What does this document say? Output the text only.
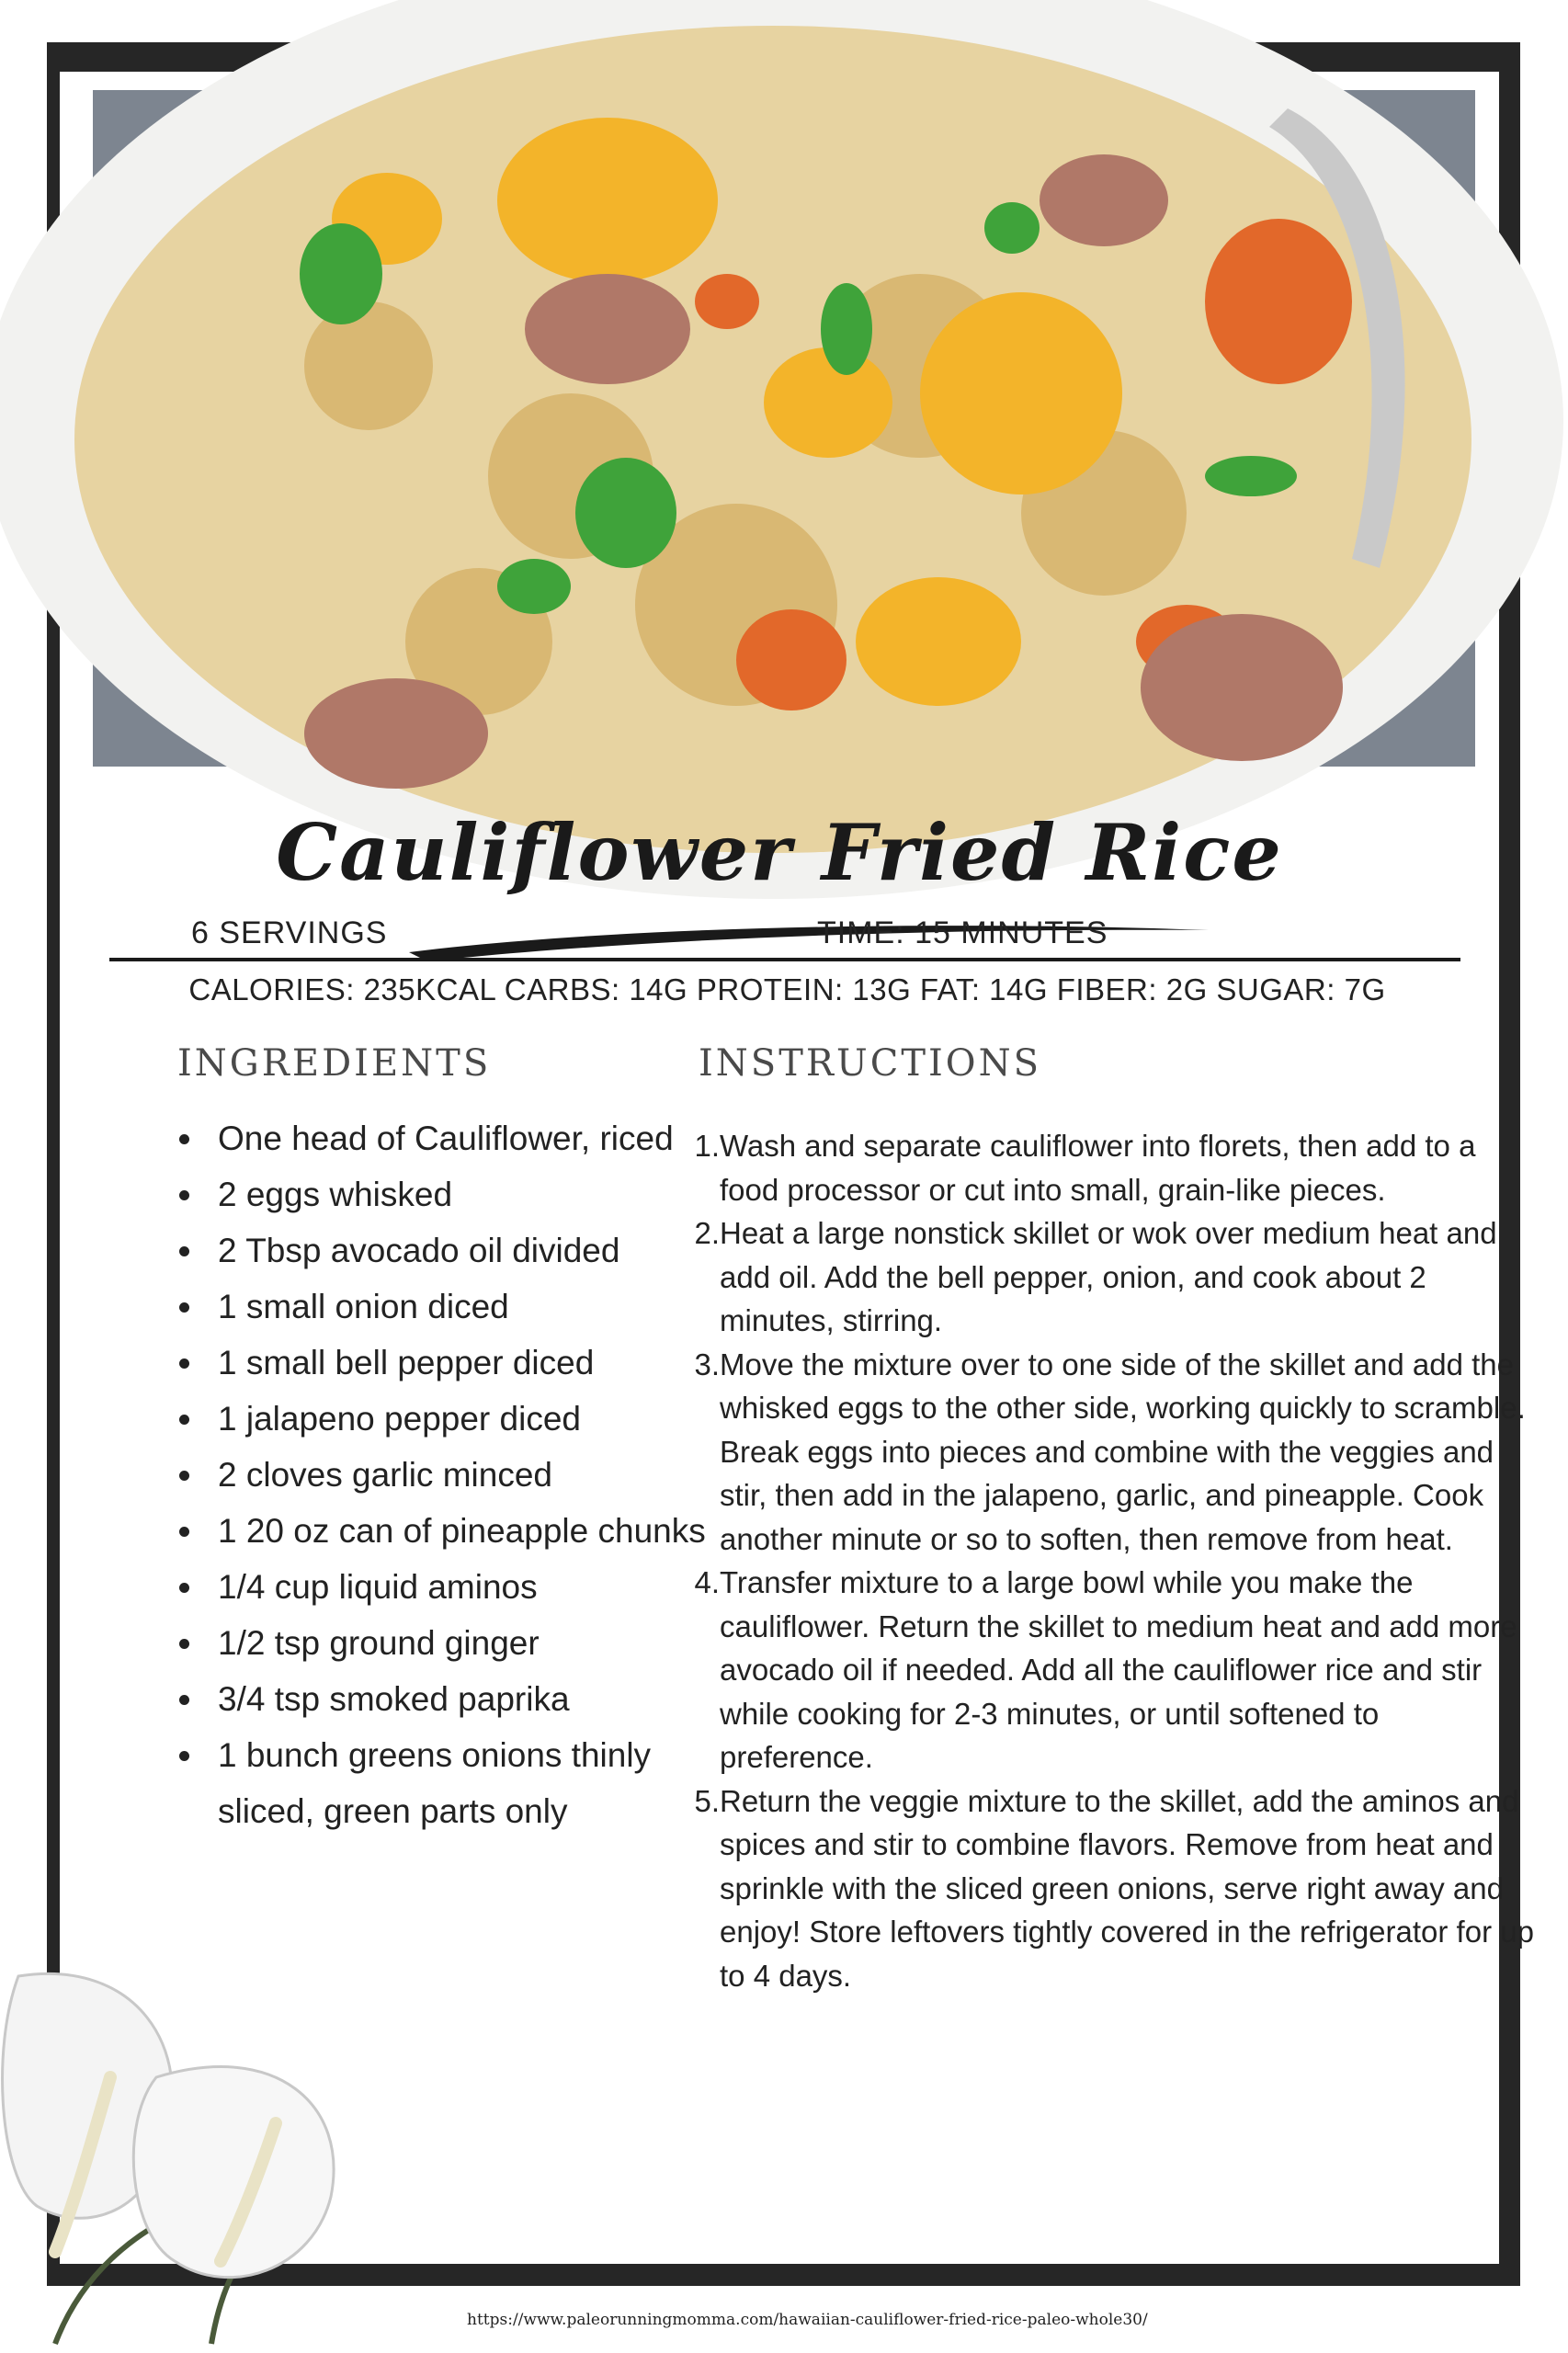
Cauliflower Fried Rice
6 SERVINGS	TIME: 15 MINUTES
CALORIES: 235KCAL CARBS: 14G PROTEIN: 13G FAT: 14G FIBER: 2G SUGAR: 7G
INGREDIENTS	INSTRUCTIONS
One head of Cauliflower, riced
2 eggs whisked
2 Tbsp avocado oil divided
1 small onion diced
1 small bell pepper diced
1 jalapeno pepper diced
2 cloves garlic minced
1 20 oz can of pineapple chunks
1/4 cup liquid aminos
1/2 tsp ground ginger
3/4 tsp smoked paprika
1 bunch greens onions thinly sliced, green parts only
1. Wash and separate cauliflower into florets, then add to a food processor or cut into small, grain-like pieces.
2. Heat a large nonstick skillet or wok over medium heat and add oil. Add the bell pepper, onion, and cook about 2 minutes, stirring.
3. Move the mixture over to one side of the skillet and add the whisked eggs to the other side, working quickly to scramble. Break eggs into pieces and combine with the veggies and stir, then add in the jalapeno, garlic, and pineapple. Cook another minute or so to soften, then remove from heat.
4. Transfer mixture to a large bowl while you make the cauliflower. Return the skillet to medium heat and add more avocado oil if needed. Add all the cauliflower rice and stir while cooking for 2-3 minutes, or until softened to preference.
5. Return the veggie mixture to the skillet, add the aminos and spices and stir to combine flavors. Remove from heat and sprinkle with the sliced green onions, serve right away and enjoy! Store leftovers tightly covered in the refrigerator for up to 4 days.
https://www.paleorunningmomma.com/hawaiian-cauliflower-fried-rice-paleo-whole30/
